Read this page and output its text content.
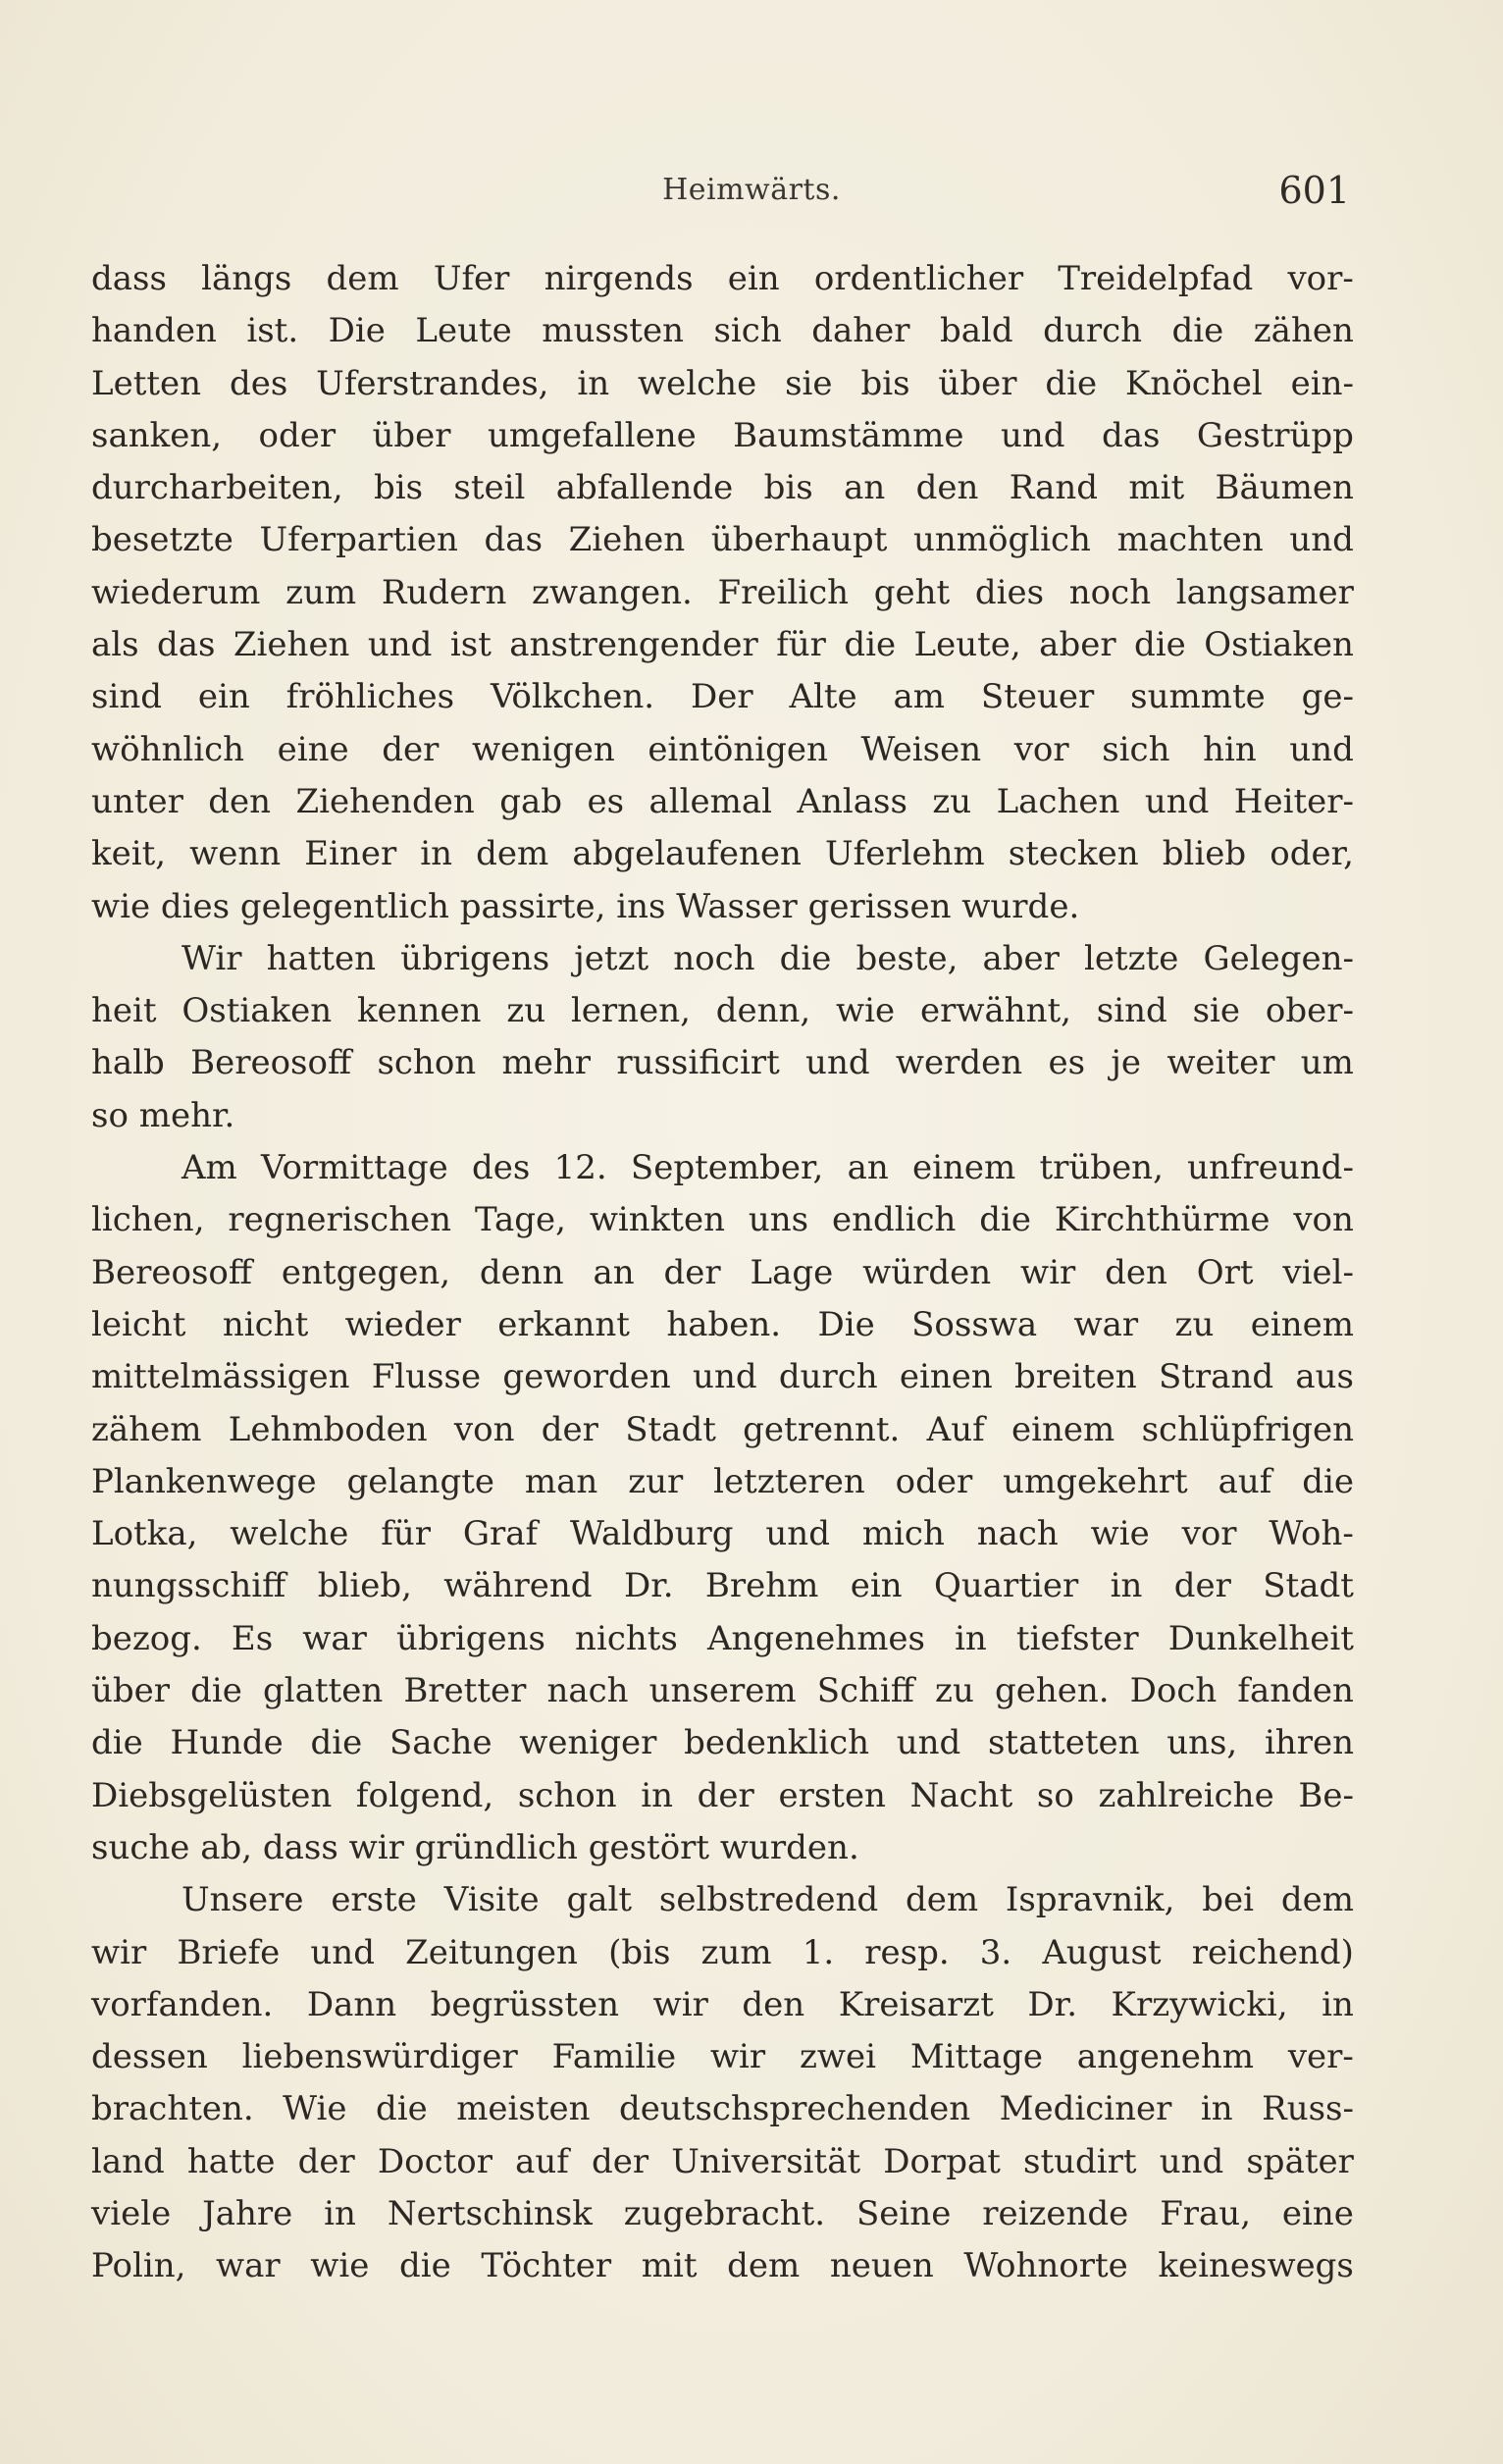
Heimwärts.	601
dass längs dem Ufer nirgends ein ordentlicher Treidelpfad vor-
handen ist. Die Leute mussten sich daher bald durch die zähen
Letten des Uferstrandes, in welche sie bis über die Knöchel ein-
sanken, oder über umgefallene Baumstämme und das Gestrüpp
durcharbeiten, bis steil abfallende bis an den Rand mit Bäumen
besetzte Uferpartien das Ziehen überhaupt unmöglich machten und
wiederum zum Rudern zwangen. Freilich geht dies noch langsamer
als das Ziehen und ist anstrengender für die Leute, aber die Ostiaken
sind ein fröhliches Völkchen. Der Alte am Steuer summte ge-
wöhnlich eine der wenigen eintönigen Weisen vor sich hin und
unter den Ziehenden gab es allemal Anlass zu Lachen und Heiter-
keit, wenn Einer in dem abgelaufenen Uferlehm stecken blieb oder,
wie dies gelegentlich passirte, ins Wasser gerissen wurde.
Wir hatten übrigens jetzt noch die beste, aber letzte Gelegen-
heit Ostiaken kennen zu lernen, denn, wie erwähnt, sind sie ober-
halb Bereosoff schon mehr russificirt und werden es je weiter um
so mehr.
Am Vormittage des 12. September, an einem trüben, unfreund-
lichen, regnerischen Tage, winkten uns endlich die Kirchthürme von
Bereosoff entgegen, denn an der Lage würden wir den Ort viel-
leicht nicht wieder erkannt haben. Die Sosswa war zu einem
mittelmässigen Flusse geworden und durch einen breiten Strand aus
zähem Lehmboden von der Stadt getrennt. Auf einem schlüpfrigen
Plankenwege gelangte man zur letzteren oder umgekehrt auf die
Lotka, welche für Graf Waldburg und mich nach wie vor Woh-
nungsschiff blieb, während Dr. Brehm ein Quartier in der Stadt
bezog. Es war übrigens nichts Angenehmes in tiefster Dunkelheit
über die glatten Bretter nach unserem Schiff zu gehen. Doch fanden
die Hunde die Sache weniger bedenklich und statteten uns, ihren
Diebsgelüsten folgend, schon in der ersten Nacht so zahlreiche Be-
suche ab, dass wir gründlich gestört wurden.
Unsere erste Visite galt selbstredend dem Ispravnik, bei dem
wir Briefe und Zeitungen (bis zum 1. resp. 3. August reichend)
vorfanden. Dann begrüssten wir den Kreisarzt Dr. Krzywicki, in
dessen liebenswürdiger Familie wir zwei Mittage angenehm ver-
brachten. Wie die meisten deutschsprechenden Mediciner in Russ-
land hatte der Doctor auf der Universität Dorpat studirt und später
viele Jahre in Nertschinsk zugebracht. Seine reizende Frau, eine
Polin, war wie die Töchter mit dem neuen Wohnorte keineswegs
